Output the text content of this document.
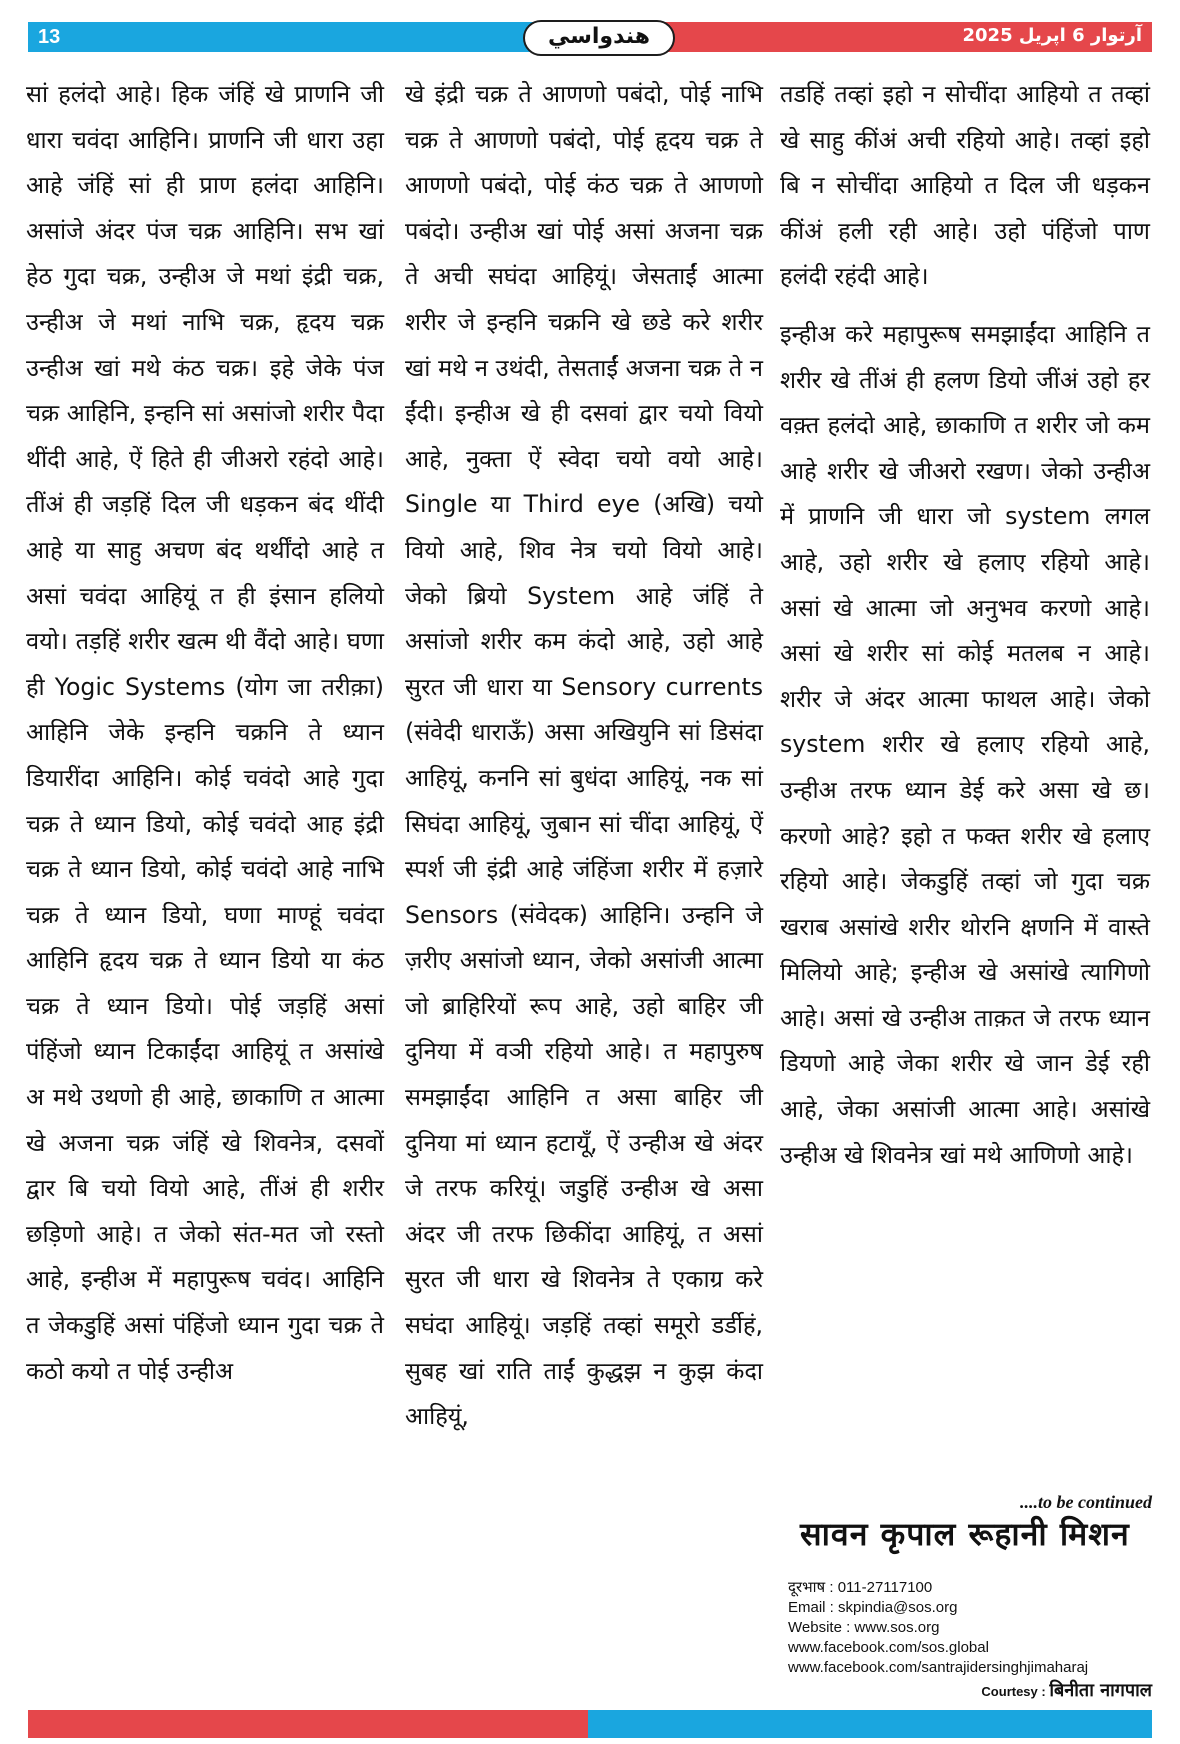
13	هندواسي	آرتوار 6 اپريل 2025

सां हलंदो आहे। हिक जंहिं खे प्राणनि जी धारा चवंदा आहिनि। प्राणनि जी धारा उहा आहे जंहिं सां ही प्राण हलंदा आहिनि। असांजे अंदर पंज चक्र आहिनि। सभ खां हेठ गुदा चक्र, उन्हीअ जे मथां इंद्री चक्र, उन्हीअ जे मथां नाभि चक्र, हृदय चक्र उन्हीअ खां मथे कंठ चक्र। इहे जेके पंज चक्र आहिनि, इन्हनि सां असांजो शरीर पैदा थींदी आहे, ऐं हिते ही जीअरो रहंदो आहे। तींअं ही जड़हिं दिल जी धड़कन बंद थींदी आहे या साहु अचण बंद थर्थींदो आहे त असां चवंदा आहियूं त ही इंसान हलियो वयो। तड़हिं शरीर खत्म थी वैंदो आहे। घणा ही Yogic Systems (योग जा तरीक़ा) आहिनि जेके इन्हनि चक्रनि ते ध्यान डियारींदा आहिनि। कोई चवंदो आहे गुदा चक्र ते ध्यान डियो, कोई चवंदो आह इंद्री चक्र ते ध्यान डियो, कोई चवंदो आहे नाभि चक्र ते ध्यान डियो, घणा माण्हूं चवंदा आहिनि हृदय चक्र ते ध्यान डियो या कंठ चक्र ते ध्यान डियो। पोई जड़हिं असां पंहिंजो ध्यान टिकाईंदा आहियूं त असांखे अ मथे उथणो ही आहे, छाकाणि त आत्मा खे अजना चक्र जंहिं खे शिवनेत्र, दसवों द्वार बि चयो वियो आहे, तींअं ही शरीर छड़िणो आहे। त जेको संत-मत जो रस्तो आहे, इन्हीअ में महापुरूष चवंद। आहिनि त जेकडुहिं असां पंहिंजो ध्यान गुदा चक्र ते कठो कयो त पोई उन्हीअ

खे इंद्री चक्र ते आणणो पबंदो, पोई नाभि चक्र ते आणणो पबंदो, पोई हृदय चक्र ते आणणो पबंदो, पोई कंठ चक्र ते आणणो पबंदो। उन्हीअ खां पोई असां अजना चक्र ते अची सघंदा आहियूं। जेसताईं आत्मा शरीर जे इन्हनि चक्रनि खे छडे करे शरीर खां मथे न उथंदी, तेसताईं अजना चक्र ते न ईंदी। इन्हीअ खे ही दसवां द्वार चयो वियो आहे, नुक्ता ऐं स्वेदा चयो वयो आहे। Single या Third eye (अखि) चयो वियो आहे, शिव नेत्र चयो वियो आहे। जेको ब्रियो System आहे जंहिं ते असांजो शरीर कम कंदो आहे, उहो आहे सुरत जी धारा या Sensory currents (संवेदी धाराऊँ) असा अखियुनि सां डिसंदा आहियूं, कननि सां बुधंदा आहियूं, नक सां सिघंदा आहियूं, जुबान सां चींदा आहियूं, ऐं स्पर्श जी इंद्री आहे जंहिंजा शरीर में हज़ारे Sensors (संवेदक) आहिनि। उन्हनि जे ज़रीए असांजो ध्यान, जेको असांजी आत्मा जो ब्राहिरियों रूप आहे, उहो बाहिर जी दुनिया में वञी रहियो आहे। त महापुरुष समझाईंदा आहिनि त असा बाहिर जी दुनिया मां ध्यान हटायूँ, ऐं उन्हीअ खे अंदर जे तरफ करियूं। जडुहिं उन्हीअ खे असा अंदर जी तरफ छिकींदा आहियूं, त असां सुरत जी धारा खे शिवनेत्र ते एकाग्र करे सघंदा आहियूं। जड़हिं तव्हां समूरो डर्डीहं, सुबह खां राति ताईं कुद्धझ न कुझ कंदा आहियूं,

तडहिं तव्हां इहो न सोचींदा आहियो त तव्हां खे साहु कींअं अची रहियो आहे। तव्हां इहो बि न सोचींदा आहियो त दिल जी धड़कन कींअं हली रही आहे। उहो पंहिंजो पाण हलंदी रहंदी आहे।

इन्हीअ करे महापुरूष समझाईंदा आहिनि त शरीर खे तींअं ही हलण डियो जींअं उहो हर वक़्त हलंदो आहे, छाकाणि त शरीर जो कम आहे शरीर खे जीअरो रखण। जेको उन्हीअ में प्राणनि जी धारा जो system लगल आहे, उहो शरीर खे हलाए रहियो आहे। असां खे आत्मा जो अनुभव करणो आहे। असां खे शरीर सां कोई मतलब न आहे। शरीर जे अंदर आत्मा फाथल आहे। जेको system शरीर खे हलाए रहियो आहे, उन्हीअ तरफ ध्यान डेई करे असा खे छ। करणो आहे? इहो त फक्त शरीर खे हलाए रहियो आहे। जेकडुहिं तव्हां जो गुदा चक्र खराब असांखे शरीर थोरनि क्षणनि में वास्ते मिलियो आहे; इन्हीअ खे असांखे त्यागिणो आहे। असां खे उन्हीअ ताक़त जे तरफ ध्यान डियणो आहे जेका शरीर खे जान डेई रही आहे, जेका असांजी आत्मा आहे। असांखे उन्हीअ खे शिवनेत्र खां मथे आणिणो आहे।

....to be continued
सावन कृपाल रूहानी मिशन
दूरभाष : 011-27117100
Email : skpindia@sos.org
Website : www.sos.org
www.facebook.com/sos.global
www.facebook.com/santrajidersinghjimaharaj
Courtesy : बिनीता नागपाल
